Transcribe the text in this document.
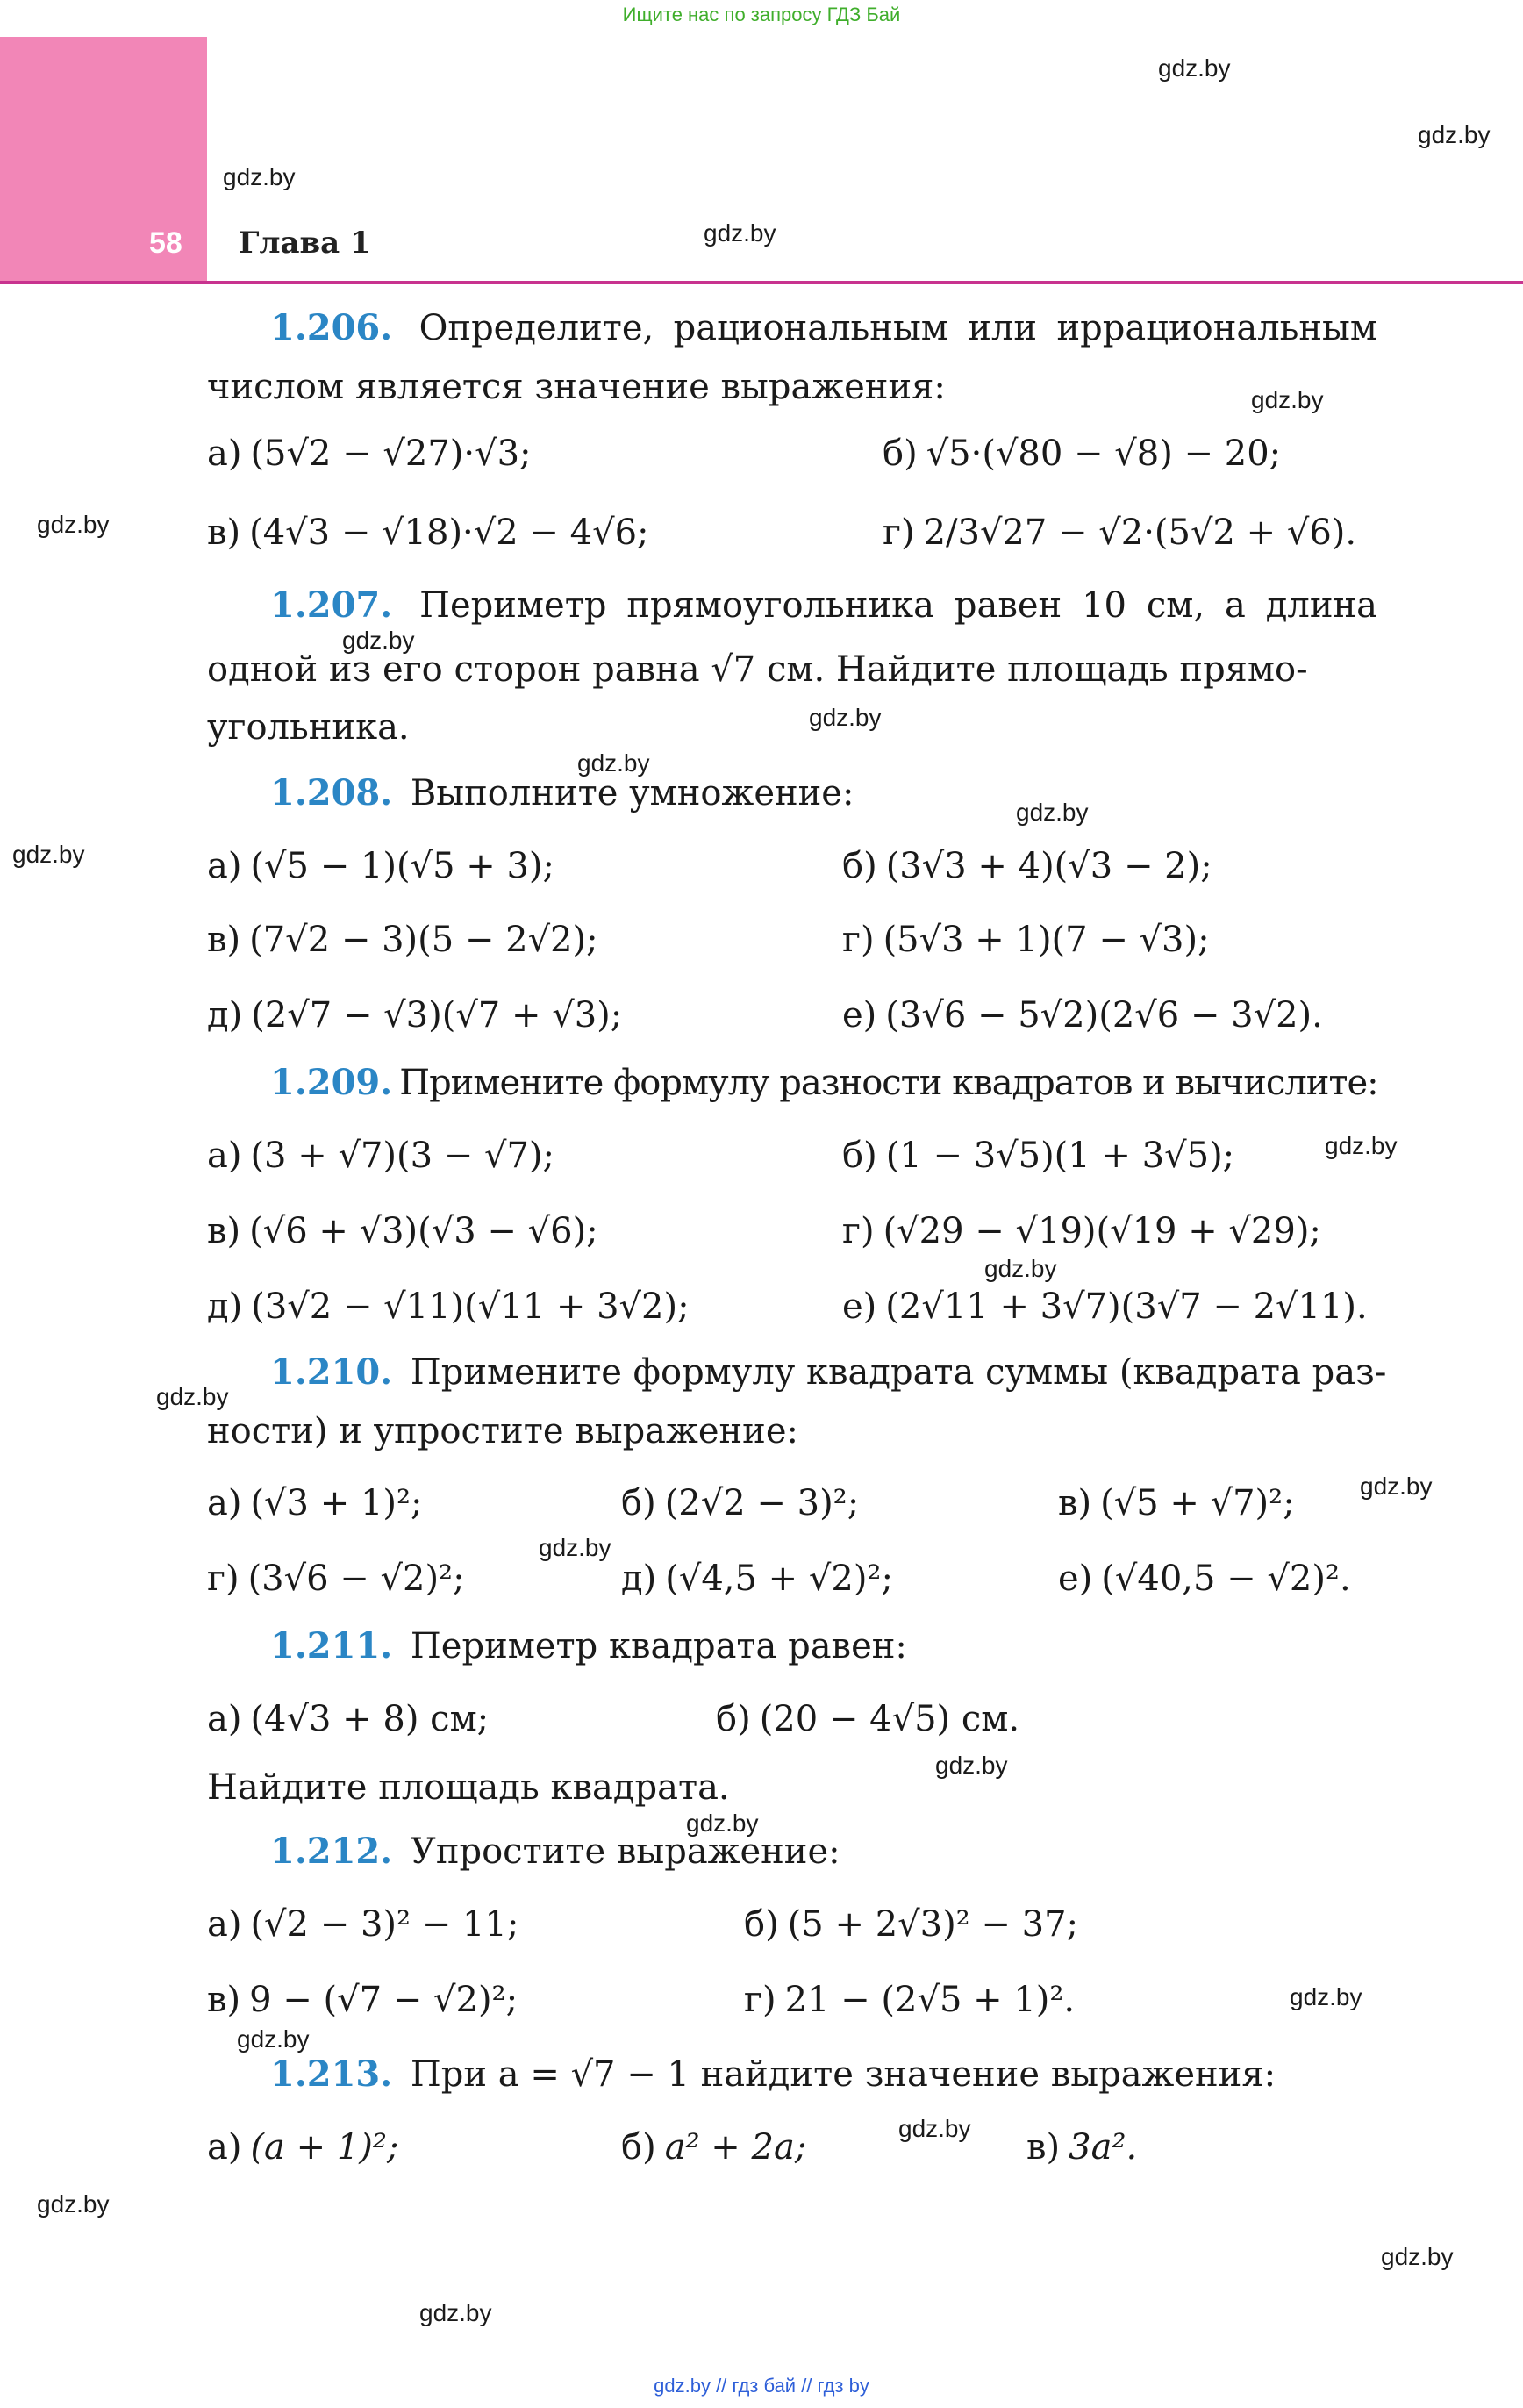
Ищите нас по запросу ГДЗ Бай
58 Глава 1
gdz.by
gdz.by
gdz.by
gdz.by
gdz.by
gdz.by
gdz.by
gdz.by
gdz.by
gdz.by
gdz.by
gdz.by
gdz.by
gdz.by
gdz.by
gdz.by
gdz.by
gdz.by
gdz.by
gdz.by
gdz.by
gdz.by
gdz.by
gdz.by
1.206. Определите, рациональным или иррациональным
числом является значение выражения:
а) (5√2 − √27)·√3;	б) √5·(√80 − √8) − 20;
в) (4√3 − √18)·√2 − 4√6;	г) 2/3√27 − √2·(5√2 + √6).
1.207. Периметр прямоугольника равен 10 см, а длина
одной из его сторон равна √7 см. Найдите площадь прямо-
угольника.
1.208. Выполните умножение:
а) (√5 − 1)(√5 + 3);	б) (3√3 + 4)(√3 − 2);
в) (7√2 − 3)(5 − 2√2);	г) (5√3 + 1)(7 − √3);
д) (2√7 − √3)(√7 + √3);	е) (3√6 − 5√2)(2√6 − 3√2).
1.209. Примените формулу разности квадратов и вычислите:
а) (3 + √7)(3 − √7);	б) (1 − 3√5)(1 + 3√5);
в) (√6 + √3)(√3 − √6);	г) (√29 − √19)(√19 + √29);
д) (3√2 − √11)(√11 + 3√2);	е) (2√11 + 3√7)(3√7 − 2√11).
1.210. Примените формулу квадрата суммы (квадрата раз-
ности) и упростите выражение:
а) (√3 + 1)²;	б) (2√2 − 3)²;	в) (√5 + √7)²;
г) (3√6 − √2)²;	д) (√4,5 + √2)²;	е) (√40,5 − √2)².
1.211. Периметр квадрата равен:
а) (4√3 + 8) см;	б) (20 − 4√5) см.
Найдите площадь квадрата.
1.212. Упростите выражение:
а) (√2 − 3)² − 11;	б) (5 + 2√3)² − 37;
в) 9 − (√7 − √2)²;	г) 21 − (2√5 + 1)².
1.213. При a = √7 − 1 найдите значение выражения:
а) (a + 1)²;	б) a² + 2a;	в) 3a².
gdz.by // гдз бай // гдз by
